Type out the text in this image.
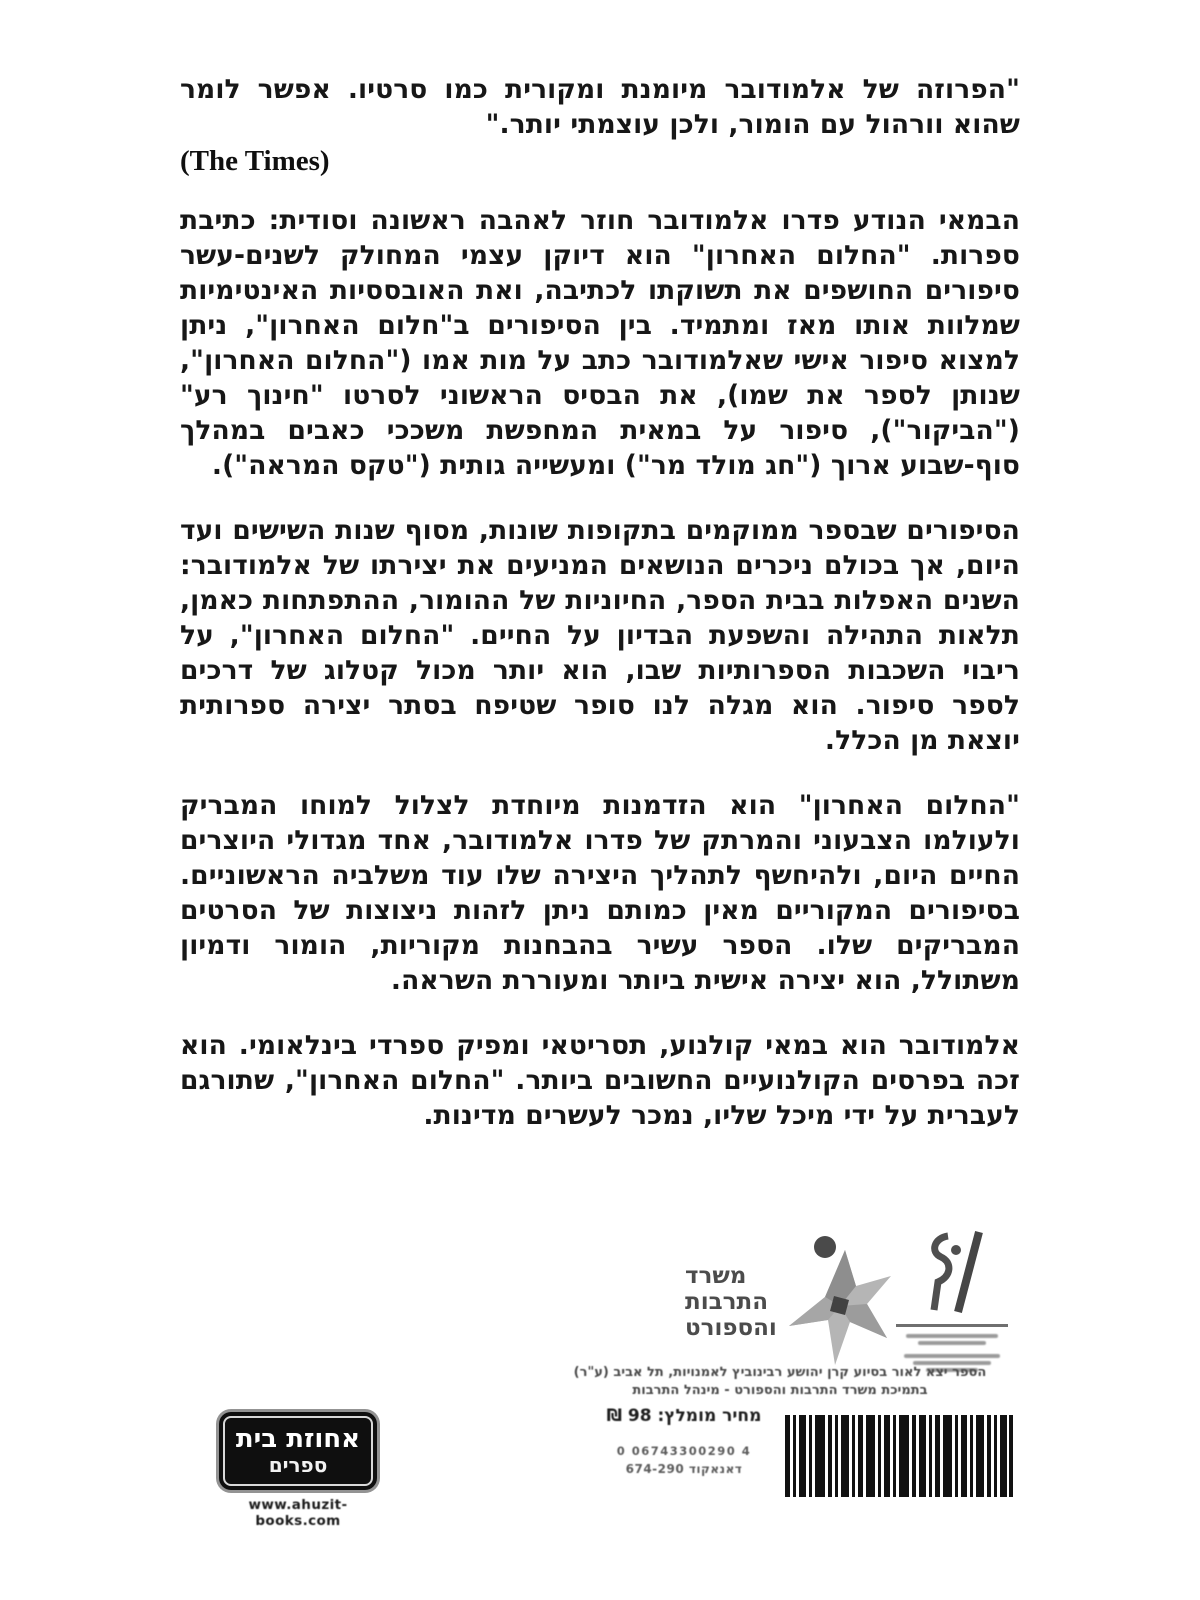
"הפרוזה של אלמודובר מיומנת ומקורית כמו סרטיו. אפשר לומר שהוא וורהול עם הומור, ולכן עוצמתי יותר."

(The Times)

הבמאי הנודע פדרו אלמודובר חוזר לאהבה ראשונה וסודית: כתיבת ספרות. "החלום האחרון" הוא דיוקן עצמי המחולק לשנים-עשר סיפורים החושפים את תשוקתו לכתיבה, ואת האובססיות האינטימיות שמלוות אותו מאז ומתמיד. בין הסיפורים ב"חלום האחרון", ניתן למצוא סיפור אישי שאלמודובר כתב על מות אמו ("החלום האחרון", שנותן לספר את שמו), את הבסיס הראשוני לסרטו "חינוך רע" ("הביקור"), סיפור על במאית המחפשת משככי כאבים במהלך סוף-שבוע ארוך ("חג מולד מר") ומעשייה גותית ("טקס המראה").

הסיפורים שבספר ממוקמים בתקופות שונות, מסוף שנות השישים ועד היום, אך בכולם ניכרים הנושאים המניעים את יצירתו של אלמודובר: השנים האפלות בבית הספר, החיוניות של ההומור, ההתפתחות כאמן, תלאות התהילה והשפעת הבדיון על החיים. "החלום האחרון", על ריבוי השכבות הספרותיות שבו, הוא יותר מכול קטלוג של דרכים לספר סיפור. הוא מגלה לנו סופר שטיפח בסתר יצירה ספרותית יוצאת מן הכלל.

"החלום האחרון" הוא הזדמנות מיוחדת לצלול למוחו המבריק ולעולמו הצבעוני והמרתק של פדרו אלמודובר, אחד מגדולי היוצרים החיים היום, ולהיחשף לתהליך היצירה שלו עוד משלביה הראשוניים. בסיפורים המקוריים מאין כמותם ניתן לזהות ניצוצות של הסרטים המבריקים שלו. הספר עשיר בהבחנות מקוריות, הומור ודמיון משתולל, הוא יצירה אישית ביותר ומעוררת השראה.

אלמודובר הוא במאי קולנוע, תסריטאי ומפיק ספרדי בינלאומי. הוא זכה בפרסים הקולנועיים החשובים ביותר. "החלום האחרון", שתורגם לעברית על ידי מיכל שליו, נמכר לעשרים מדינות.

משרד
התרבות
והספורט
הספר יצא לאור בסיוע קרן יהושע רבינוביץ לאמנויות, תל אביב (ע"ר)
בתמיכת משרד התרבות והספורט - מינהל התרבות
אחוזת בית
ספרים
www.ahuzit-books.com
מחיר מומלץ: 98 ₪
0 06743300290 4
דאנאקוד 674-290
